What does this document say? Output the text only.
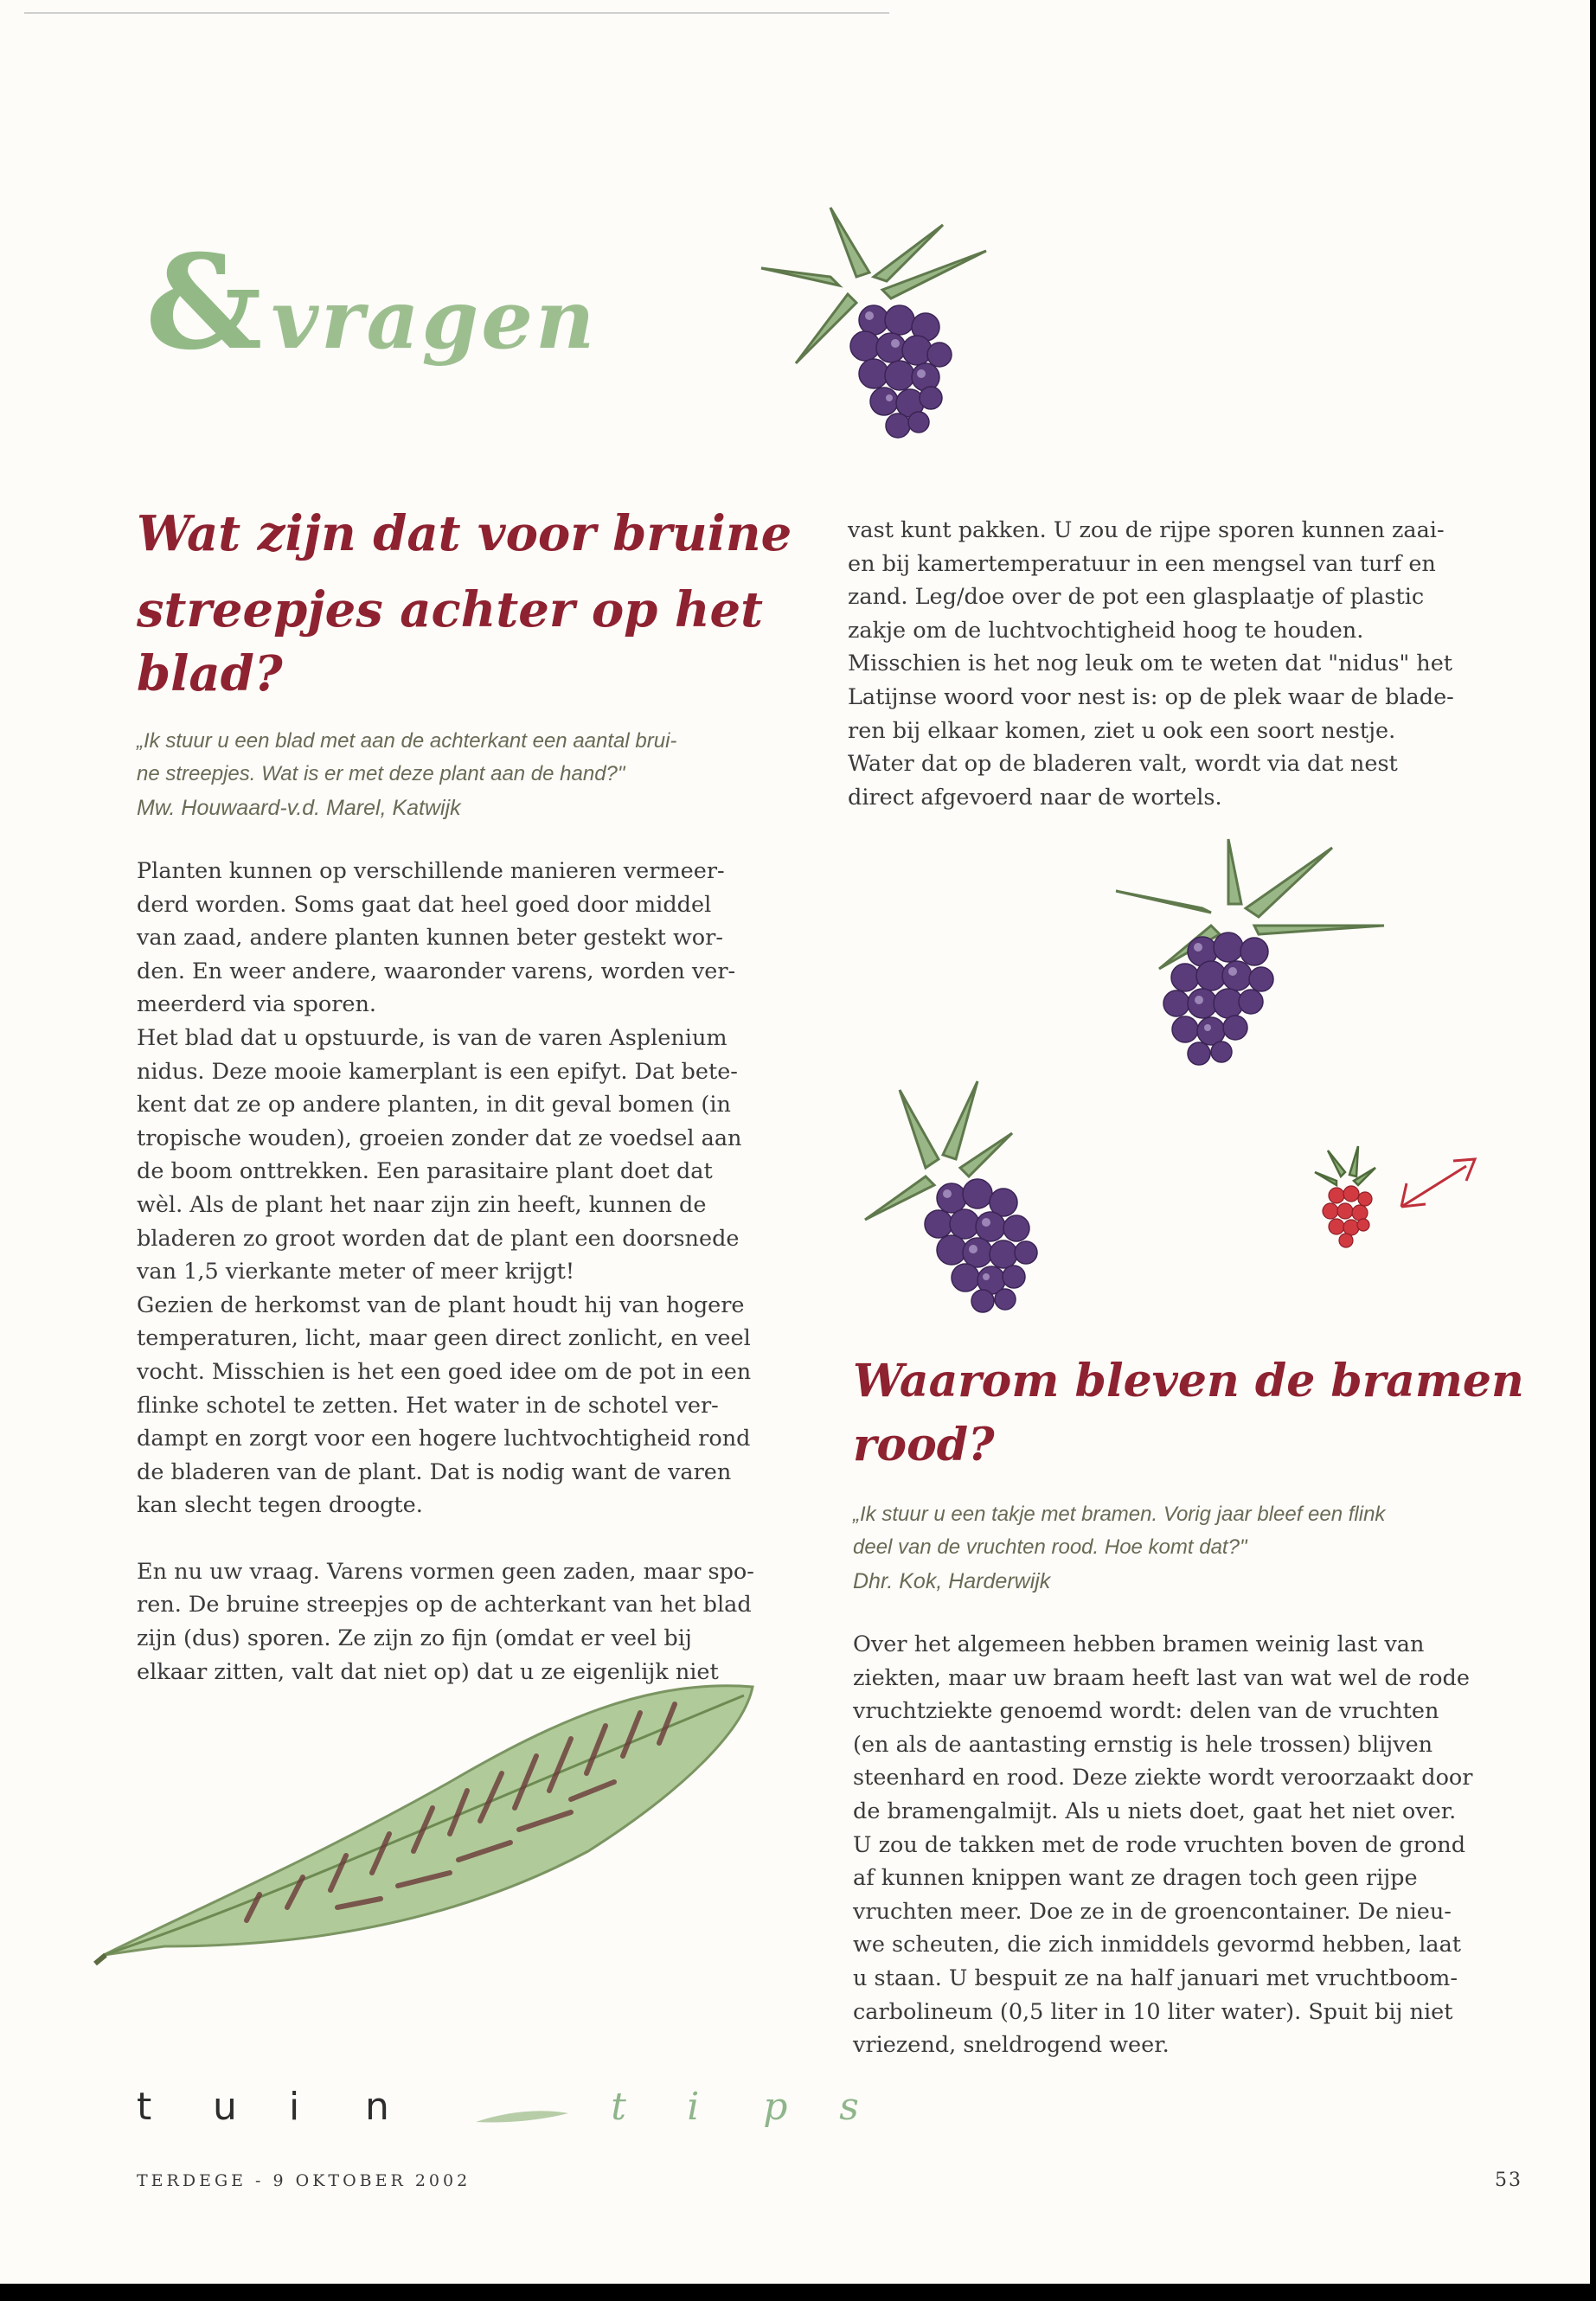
& vragen
Wat zijn dat voor bruine
streepjes achter op het blad?
„Ik stuur u een blad met aan de achterkant een aantal brui-
ne streepjes. Wat is er met deze plant aan de hand?"
Mw. Houwaard-v.d. Marel, Katwijk
Planten kunnen op verschillende manieren vermeer-
derd worden. Soms gaat dat heel goed door middel
van zaad, andere planten kunnen beter gestekt wor-
den. En weer andere, waaronder varens, worden ver-
meerderd via sporen.
Het blad dat u opstuurde, is van de varen Asplenium
nidus. Deze mooie kamerplant is een epifyt. Dat bete-
kent dat ze op andere planten, in dit geval bomen (in
tropische wouden), groeien zonder dat ze voedsel aan
de boom onttrekken. Een parasitaire plant doet dat
wèl. Als de plant het naar zijn zin heeft, kunnen de
bladeren zo groot worden dat de plant een doorsnede
van 1,5 vierkante meter of meer krijgt!
Gezien de herkomst van de plant houdt hij van hogere
temperaturen, licht, maar geen direct zonlicht, en veel
vocht. Misschien is het een goed idee om de pot in een
flinke schotel te zetten. Het water in de schotel ver-
dampt en zorgt voor een hogere luchtvochtigheid rond
de bladeren van de plant. Dat is nodig want de varen
kan slecht tegen droogte.
En nu uw vraag. Varens vormen geen zaden, maar spo-
ren. De bruine streepjes op de achterkant van het blad
zijn (dus) sporen. Ze zijn zo fijn (omdat er veel bij
elkaar zitten, valt dat niet op) dat u ze eigenlijk niet
vast kunt pakken. U zou de rijpe sporen kunnen zaai-
en bij kamertemperatuur in een mengsel van turf en
zand. Leg/doe over de pot een glasplaatje of plastic
zakje om de luchtvochtigheid hoog te houden.
Misschien is het nog leuk om te weten dat "nidus" het
Latijnse woord voor nest is: op de plek waar de blade-
ren bij elkaar komen, ziet u ook een soort nestje.
Water dat op de bladeren valt, wordt via dat nest
direct afgevoerd naar de wortels.
Waarom bleven de bramen rood?
„Ik stuur u een takje met bramen. Vorig jaar bleef een flink
deel van de vruchten rood. Hoe komt dat?"
Dhr. Kok, Harderwijk
Over het algemeen hebben bramen weinig last van
ziekten, maar uw braam heeft last van wat wel de rode
vruchtziekte genoemd wordt: delen van de vruchten
(en als de aantasting ernstig is hele trossen) blijven
steenhard en rood. Deze ziekte wordt veroorzaakt door
de bramengalmijt. Als u niets doet, gaat het niet over.
U zou de takken met de rode vruchten boven de grond
af kunnen knippen want ze dragen toch geen rijpe
vruchten meer. Doe ze in de groencontainer. De nieu-
we scheuten, die zich inmiddels gevormd hebben, laat
u staan. U bespuit ze na half januari met vruchtboom-
carbolineum (0,5 liter in 10 liter water). Spuit bij niet
vriezend, sneldrogend weer.
t u i n	t i p s
TERDEGE - 9 OKTOBER 2002	53
